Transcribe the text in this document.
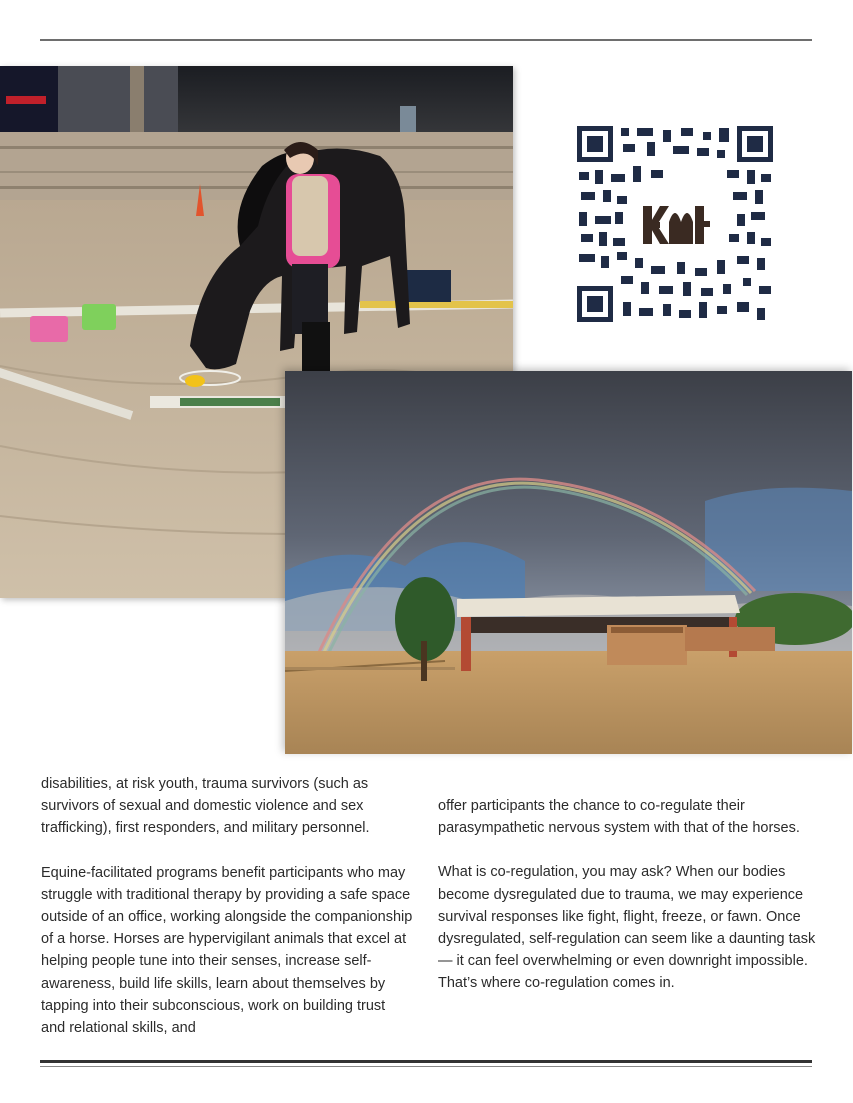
disabilities, at risk youth, trauma survivors (such as survivors of sexual and domestic violence and sex trafficking), first responders, and military personnel.

Equine-facilitated programs benefit participants who may struggle with traditional therapy by providing a safe space outside of an office, working alongside the companionship of a horse. Horses are hypervigilant animals that excel at helping people tune into their senses, increase self-awareness, build life skills, learn about themselves by tapping into their subconscious, work on building trust and relational skills, and

offer participants the chance to co-regulate their parasympathetic nervous system with that of the horses.

What is co-regulation, you may ask? When our bodies become dysregulated due to trauma, we may experience survival responses like fight, flight, freeze, or fawn. Once dysregulated, self-regulation can seem like a daunting task— it can feel overwhelming or even downright impossible. That’s where co-regulation comes in.
